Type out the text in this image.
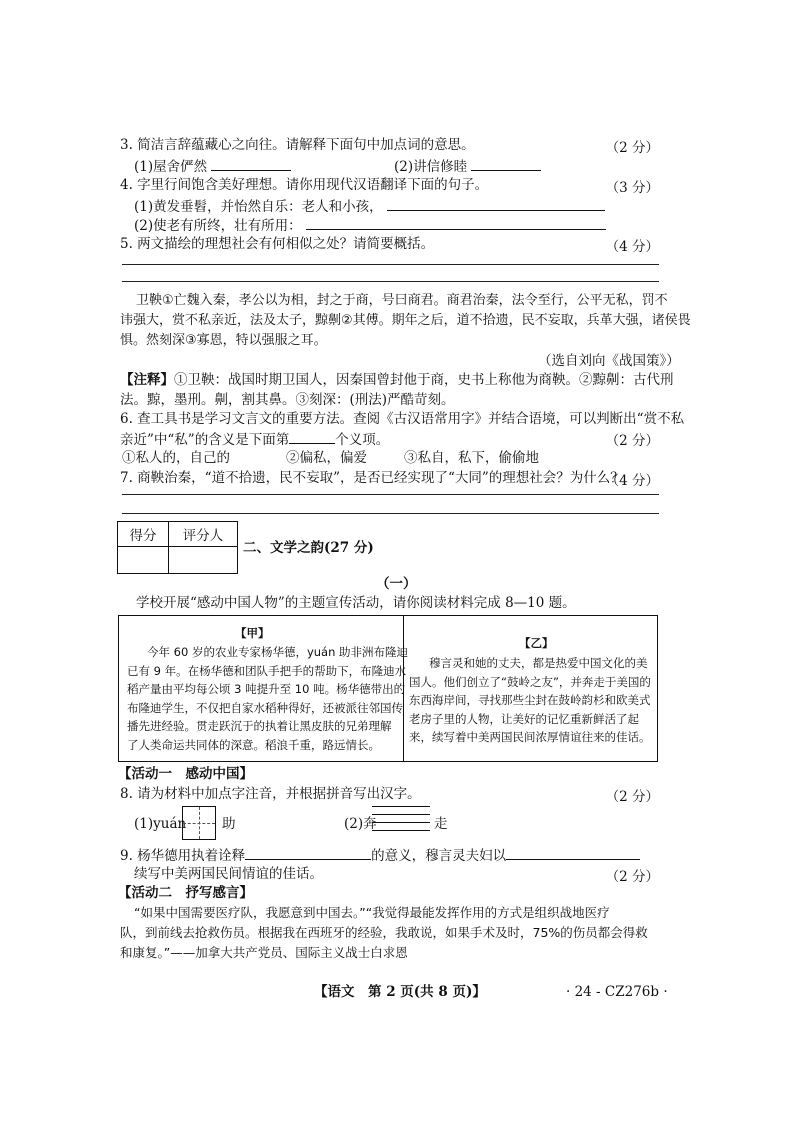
3. 简洁言辞蕴藏心之向往。请解释下面句中加点词的意思。	（2 分）
(1)屋舍俨然	(2)讲信修睦
4. 字里行间饱含美好理想。请你用现代汉语翻译下面的句子。	（3 分）
(1)黄发垂髫，并怡然自乐：老人和小孩，
(2)使老有所终，壮有所用：
5. 两文描绘的理想社会有何相似之处？请简要概括。	（4 分）
卫鞅①亡魏入秦，孝公以为相，封之于商，号曰商君。商君治秦，法令至行，公平无私，罚不
讳强大，赏不私亲近，法及太子，黥劓②其傅。期年之后，道不拾遗，民不妄取，兵革大强，诸侯畏
惧。然刻深③寡恩，特以强服之耳。
（选自刘向《战国策》）
【注释】①卫鞅：战国时期卫国人，因秦国曾封他于商，史书上称他为商鞅。②黥劓：古代刑
法。黥，墨刑。劓，割其鼻。③刻深：(刑法)严酷苛刻。
6. 查工具书是学习文言文的重要方法。查阅《古汉语常用字》并结合语境，可以判断出“赏不私
亲近”中“私”的含义是下面第	个义项。	（2 分）
①私人的，自己的	②偏私，偏爱	③私自，私下，偷偷地
7. 商鞅治秦，“道不拾遗，民不妄取”，是否已经实现了“大同”的理想社会？为什么？
（4 分）
得分	评分人

二、文学之韵(27 分)
（一）
学校开展“感动中国人物”的主题宣传活动，请你阅读材料完成 8—10 题。
【甲】
今年 60 岁的农业专家杨华德，yuán 助非洲布隆迪
已有 9 年。在杨华德和团队手把手的帮助下，布隆迪水
稻产量由平均每公顷 3 吨提升至 10 吨。杨华德带出的
布隆迪学生，不仅把自家水稻种得好，还被派往邻国传
播先进经验。贯走跃沉于的执着让黑皮肤的兄弟理解
了人类命运共同体的深意。稻浪千重，路远情长。
【乙】
穆言灵和她的丈夫，都是热爱中国文化的美
国人。他们创立了“鼓岭之友”，并奔走于美国的
东西海岸间，寻找那些尘封在鼓岭韵杉和欧美式
老房子里的人物，让美好的记忆重新鲜活了起
来，续写着中美两国民间浓厚情谊往来的佳话。
【活动一　感动中国】
8. 请为材料中加点字注音，并根据拼音写出汉字。	（2 分）
(1)yuán	助	(2)奔	走
9. 杨华德用执着诠释	的意义，穆言灵夫妇以
续写中美两国民间情谊的佳话。	（2 分）
【活动二　抒写感言】
“如果中国需要医疗队，我愿意到中国去。”“我觉得最能发挥作用的方式是组织战地医疗
队，到前线去抢救伤员。根据我在西班牙的经验，我敢说，如果手术及时，75%的伤员都会得救
和康复。”——加拿大共产党员、国际主义战士白求恩
【语文　第 2 页(共 8 页)】	· 24 - CZ276b ·
